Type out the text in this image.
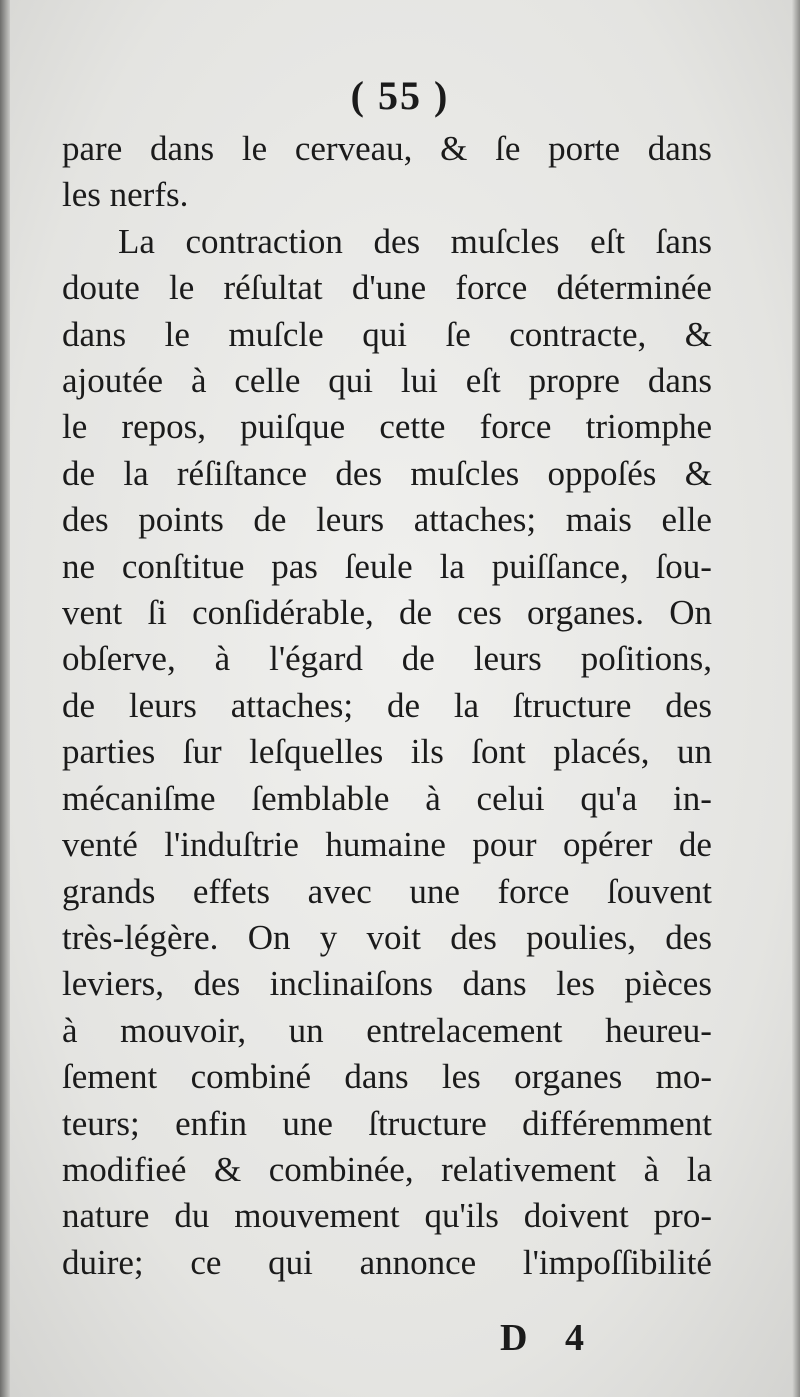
( 55 )
pare dans le cerveau, & ſe porte dans
les nerfs.
La contraction des muſcles eſt ſans
doute le réſultat d'une force déterminée
dans le muſcle qui ſe contracte, &
ajoutée à celle qui lui eſt propre dans
le repos, puiſque cette force triomphe
de la réſiſtance des muſcles oppoſés &
des points de leurs attaches; mais elle
ne conſtitue pas ſeule la puiſſance, ſou-
vent ſi conſidérable, de ces organes. On
obſerve, à l'égard de leurs poſitions,
de leurs attaches; de la ſtructure des
parties ſur leſquelles ils ſont placés, un
mécaniſme ſemblable à celui qu'a in-
venté l'induſtrie humaine pour opérer de
grands effets avec une force ſouvent
très-légère. On y voit des poulies, des
leviers, des inclinaiſons dans les pièces
à mouvoir, un entrelacement heureu-
ſement combiné dans les organes mo-
teurs; enfin une ſtructure différemment
modifieé & combinée, relativement à la
nature du mouvement qu'ils doivent pro-
duire; ce qui annonce l'impoſſibilité
D 4
